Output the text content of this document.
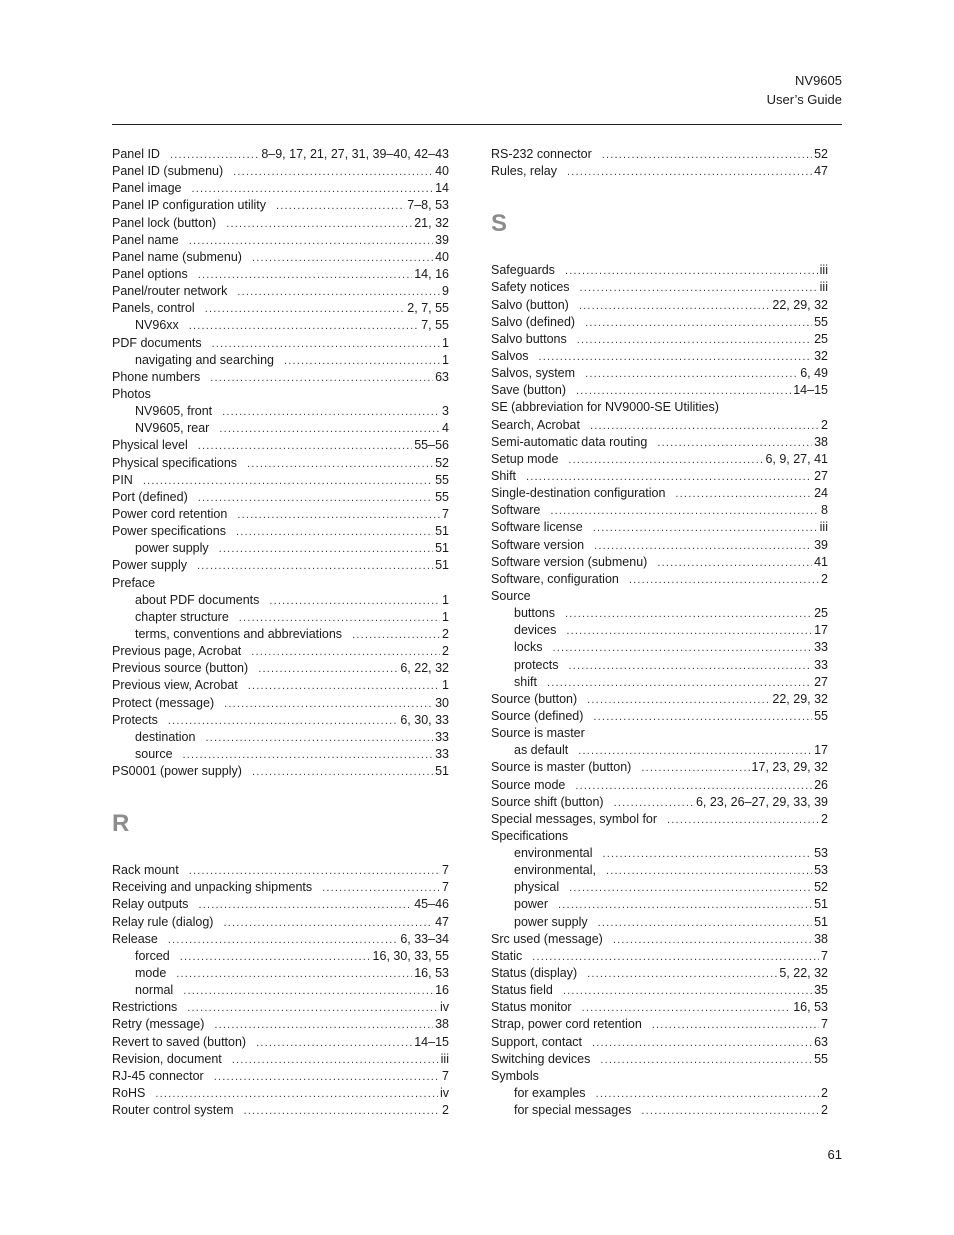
NV9605
User’s Guide
Panel ID .....	8–9, 17, 21, 27, 31, 39–40, 42–43
Panel ID (submenu) .....	40
Panel image .....	14
Panel IP configuration utility .....	7–8, 53
Panel lock (button) .....	21, 32
Panel name .....	39
Panel name (submenu) .....	40
Panel options .....	14, 16
Panel/router network .....	9
Panels, control .....	2, 7, 55
NV96xx .....	7, 55
PDF documents .....	1
navigating and searching .....	1
Phone numbers .....	63
Photos
NV9605, front .....	3
NV9605, rear .....	4
Physical level .....	55–56
Physical specifications .....	52
PIN .....	55
Port (defined) .....	55
Power cord retention .....	7
Power specifications .....	51
power supply .....	51
Power supply .....	51
Preface
about PDF documents .....	1
chapter structure .....	1
terms, conventions and abbreviations .....	2
Previous page, Acrobat .....	2
Previous source (button) .....	6, 22, 32
Previous view, Acrobat .....	1
Protect (message) .....	30
Protects .....	6, 30, 33
destination .....	33
source .....	33
PS0001 (power supply) .....	51
R
Rack mount .....	7
Receiving and unpacking shipments .....	7
Relay outputs .....	45–46
Relay rule (dialog) .....	47
Release .....	6, 33–34
forced .....	16, 30, 33, 55
mode .....	16, 53
normal .....	16
Restrictions .....	iv
Retry (message) .....	38
Revert to saved (button) .....	14–15
Revision, document .....	iii
RJ-45 connector .....	7
RoHS .....	iv
Router control system .....	2
RS-232 connector .....	52
Rules, relay .....	47
S
Safeguards .....	iii
Safety notices .....	iii
Salvo (button) .....	22, 29, 32
Salvo (defined) .....	55
Salvo buttons .....	25
Salvos .....	32
Salvos, system .....	6, 49
Save (button) .....	14–15
SE (abbreviation for NV9000-SE Utilities)
Search, Acrobat .....	2
Semi-automatic data routing .....	38
Setup mode .....	6, 9, 27, 41
Shift .....	27
Single-destination configuration .....	24
Software .....	8
Software license .....	iii
Software version .....	39
Software version (submenu) .....	41
Software, configuration .....	2
Source
buttons .....	25
devices .....	17
locks .....	33
protects .....	33
shift .....	27
Source (button) .....	22, 29, 32
Source (defined) .....	55
Source is master
as default .....	17
Source is master (button) .....	17, 23, 29, 32
Source mode .....	26
Source shift (button) .....	6, 23, 26–27, 29, 33, 39
Special messages, symbol for .....	2
Specifications
environmental .....	53
environmental, .....	53
physical .....	52
power .....	51
power supply .....	51
Src used (message) .....	38
Static .....	7
Status (display) .....	5, 22, 32
Status field .....	35
Status monitor .....	16, 53
Strap, power cord retention .....	7
Support, contact .....	63
Switching devices .....	55
Symbols
for examples .....	2
for special messages .....	2
61
